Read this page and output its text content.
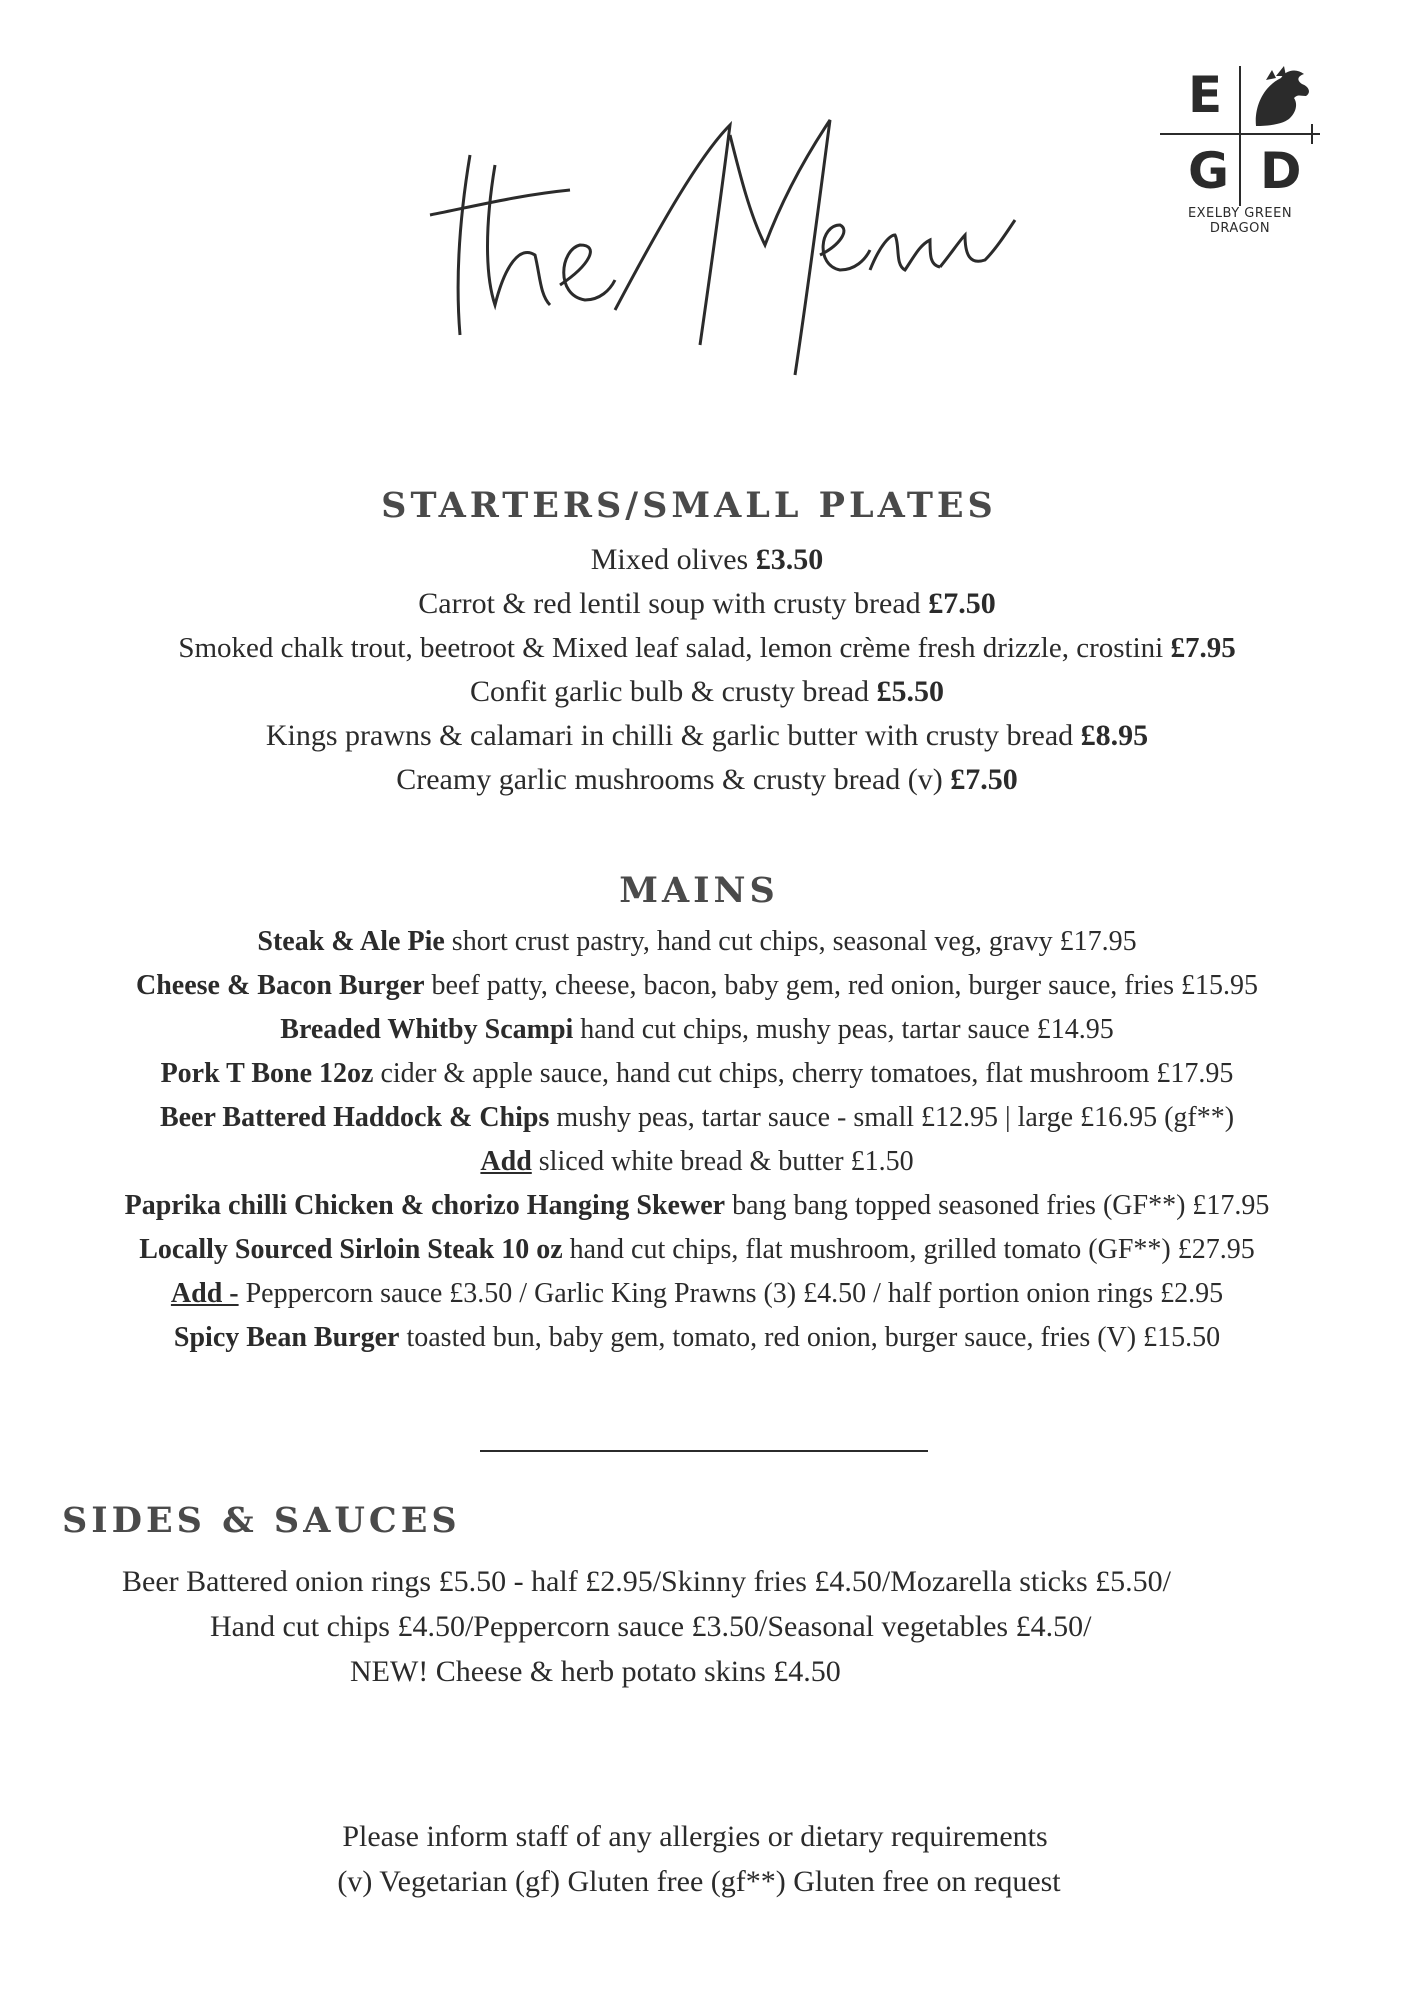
E
G D
EXELBY GREEN DRAGON
STARTERS/SMALL PLATES
Mixed olives £3.50
Carrot & red lentil soup with crusty bread £7.50
Smoked chalk trout, beetroot & Mixed leaf salad, lemon crème fresh drizzle, crostini £7.95
Confit garlic bulb & crusty bread £5.50
Kings prawns & calamari in chilli & garlic butter with crusty bread £8.95
Creamy garlic mushrooms & crusty bread (v) £7.50
MAINS
Steak & Ale Pie short crust pastry, hand cut chips, seasonal veg, gravy £17.95
Cheese & Bacon Burger beef patty, cheese, bacon, baby gem, red onion, burger sauce, fries £15.95
Breaded Whitby Scampi hand cut chips, mushy peas, tartar sauce £14.95
Pork T Bone 12oz cider & apple sauce, hand cut chips, cherry tomatoes, flat mushroom £17.95
Beer Battered Haddock & Chips mushy peas, tartar sauce - small £12.95 | large £16.95 (gf**)
Add sliced white bread & butter £1.50
Paprika chilli Chicken & chorizo Hanging Skewer bang bang topped seasoned fries (GF**) £17.95
Locally Sourced Sirloin Steak 10 oz hand cut chips, flat mushroom, grilled tomato (GF**) £27.95
Add - Peppercorn sauce £3.50 / Garlic King Prawns (3) £4.50 / half portion onion rings £2.95
Spicy Bean Burger toasted bun, baby gem, tomato, red onion, burger sauce, fries (V) £15.50
SIDES & SAUCES
Beer Battered onion rings £5.50 - half £2.95/Skinny fries £4.50/Mozarella sticks £5.50/
Hand cut chips £4.50/Peppercorn sauce £3.50/Seasonal vegetables £4.50/
NEW! Cheese & herb potato skins £4.50
Please inform staff of any allergies or dietary requirements
(v) Vegetarian (gf) Gluten free (gf**) Gluten free on request
